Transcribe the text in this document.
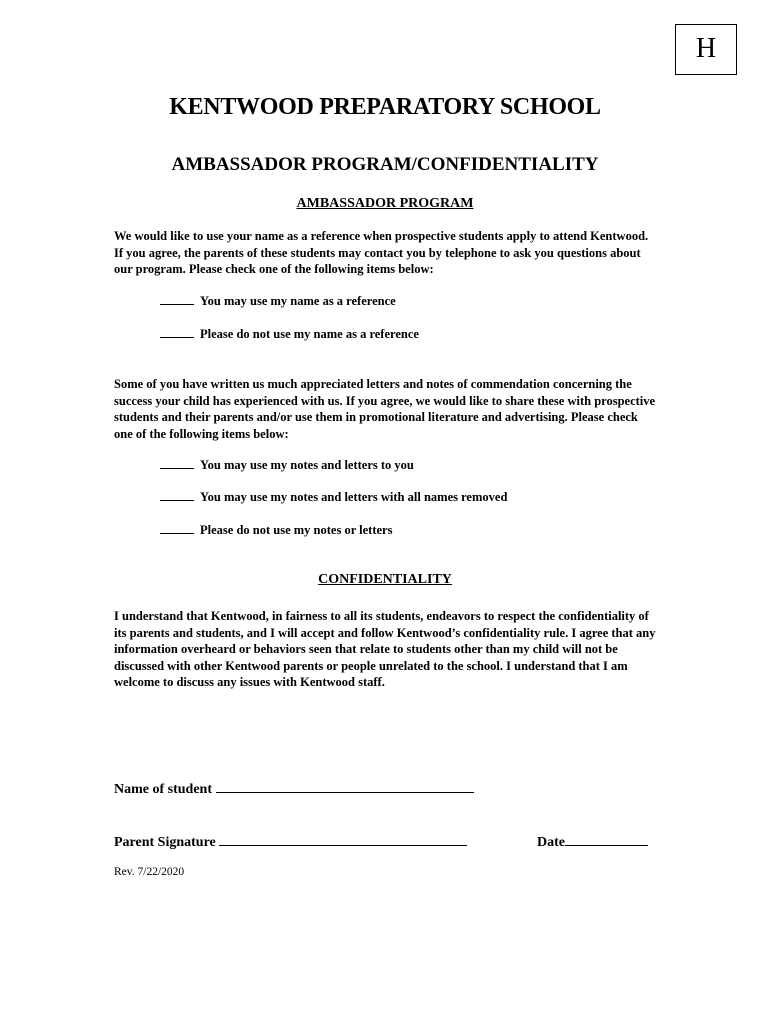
H
KENTWOOD PREPARATORY SCHOOL
AMBASSADOR PROGRAM/CONFIDENTIALITY
AMBASSADOR PROGRAM
We would like to use your name as a reference when prospective students apply to attend Kentwood. If you agree, the parents of these students may contact you by telephone to ask you questions about our program. Please check one of the following items below:
You may use my name as a reference
Please do not use my name as a reference
Some of you have written us much appreciated letters and notes of commendation concerning the success your child has experienced with us. If you agree, we would like to share these with prospective students and their parents and/or use them in promotional literature and advertising. Please check one of the following items below:
You may use my notes and letters to you
You may use my notes and letters with all names removed
Please do not use my notes or letters
CONFIDENTIALITY
I understand that Kentwood, in fairness to all its students, endeavors to respect the confidentiality of its parents and students, and I will accept and follow Kentwood’s confidentiality rule. I agree that any information overheard or behaviors seen that relate to students other than my child will not be discussed with other Kentwood parents or people unrelated to the school. I understand that I am welcome to discuss any issues with Kentwood staff.
Name of student
Parent Signature	Date
Rev. 7/22/2020
